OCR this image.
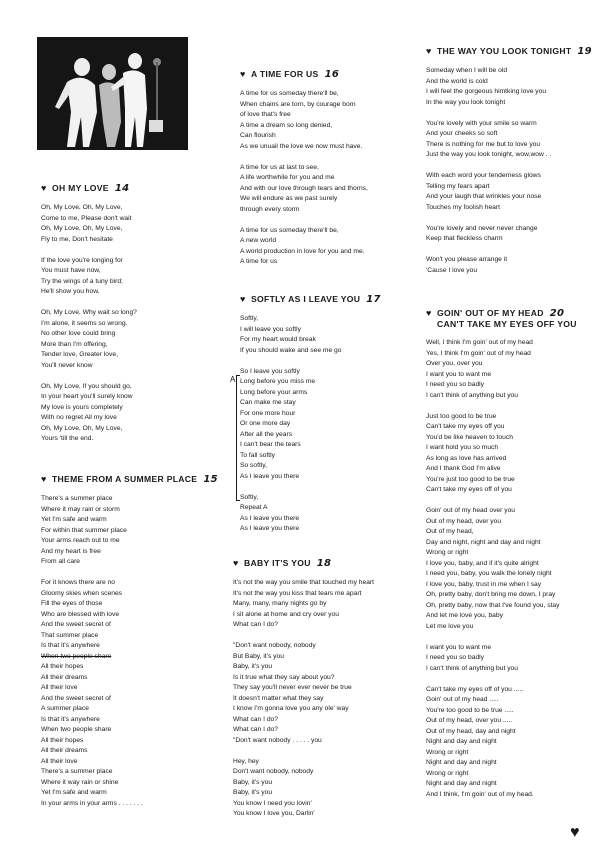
♥ OH MY LOVE 14
Oh, My Love, Oh, My Love,
Come to me, Please don't wait
Oh, My Love, Oh, My Love,
Fly to me, Don't hesitate
If the love you're longing for
You must have now,
Try the wings of a tuny bird;
He'll show you how.
Oh, My Love, Why wait so long?
I'm alone, it seems so wrong.
No other love could bring
More than I'm offering,
Tender love, Greater love,
You'll never know
Oh, My Love, If you should go,
In your heart you'll surely know
My love is yours completely
With no regret All my love
Oh, My Love, Oh, My Love,
Yours 'till the end.
♥ THEME FROM A SUMMER PLACE 15
There's a summer place
Where it may rain or storm
Yet I'm safe and warm
For within that summer place
Your arms reach out to me
And my heart is free
From all care
For it knows there are no
Gloomy skies when scenes
Fill the eyes of those
Who are blessed with love
And the sweet secret of
That summer place
Is that it's anywhere
When two people share
All their hopes
All their dreams
All their love
And the sweet secret of
A summer place
Is that it's anywhere
When two people share
All their hopes
All their dreams
All their love
There's a summer place
Where it way rain or shine
Yet I'm safe and warm
In your arms in your arms . . . . . . .
♥ A TIME FOR US 16
A time for us someday there'll be,
When chains are torn, by courage born
of love that's free
A time a dream so long denied,
Can flourish
As we unuail the love we now must have.
A time for us at last to see,
A life worthwhile for you and me
And with our love through tears and thorns,
We will endure as we past surely
through every storm
A time for us someday there'll be,
A new world
A world production in love for you and me.
A time for us
♥ SOFTLY AS I LEAVE YOU 17
Softly,
I will leave you softly
For my heart would break
If you should wake and see me go
So I leave you softly
Long before you miss me
Long before your arms
Can make me stay
For one more hour
Or one more day
After all the years
I can't bear the tears
To fall softly
So softly,
As I leave you there
Softly,
Repeat A
As I leave you there
As I leave you there
A
♥ BABY IT'S YOU 18
It's not the way you smile that touched my heart
It's not the way you kiss that tears me apart
Many, many, many nights go by
I sit alone at home and cry over you
What can I do?
"Don't want nobody, nobody
But Baby, it's you
Baby, it's you
Is it true what they say about you?
They say you'll never ever never be true
It doesn't matter what they say
I know I'm gonna love you any ole' way
What can I do?
What can I do?
"Don't want nobody . . . . . you
Hey, hey
Don't want nobody, nobody
Baby, it's you
Baby, it's you
You know I need you lovin'
You know I love you, Darlin'
♥ THE WAY YOU LOOK TONIGHT 19
Someday when I will be old
And the world is cold
I will feel the gorgeous himtking love you
In the way you look tonight
You're lovely with your smile so warm
And your cheeks so soft
There is nothing for me but to love you
Just the way you look tonight, wow,wow . .
With each word your tenderness glows
Telling my fears apart
And your laugh that wrinkles your nose
Touches my foolish heart
You're lovely and never never change
Keep that fleckless charm
Won't you please arrange it
'Cause I love you
♥ GOIN' OUT OF MY HEAD 20
CAN'T TAKE MY EYES OFF YOU
Well, I think I'm goin' out of my head
Yes, I think I'm goin' out of my head
Over you, over you
I want you to want me
I need you so badly
I can't think of anything but you
Just too good to be true
Can't take my eyes off you
You'd be like heaven to touch
I want hold you so much
As long as love has arrived
And I thank God I'm alive
You're just too good to be true
Can't take my eyes off of you
Goin' out of my head over you
Out of my head, over you
Out of my head,
Day and night, night and day and night
Wrong or right
I love you, baby, and if it's quite alright
I need you, baby, you walk the lonely night
I love you, baby, trust in me when I say
Oh, pretty baby, don't bring me down, I pray
Oh, pretty baby, now that I've found you, stay
And let me love you, baby
Let me love you
I want you to want me
I need you so badly
I can't think of anything but you
Can't take my eyes off of you .....
Goin' out of my head .....
You're too good to be true .....
Out of my head, over you .....
Out of my head, day and night
Night and day and night
Wrong or right
Night and day and night
Wrong or right
Night and day and night
And I think, I'm goin' out of my head.
♥
